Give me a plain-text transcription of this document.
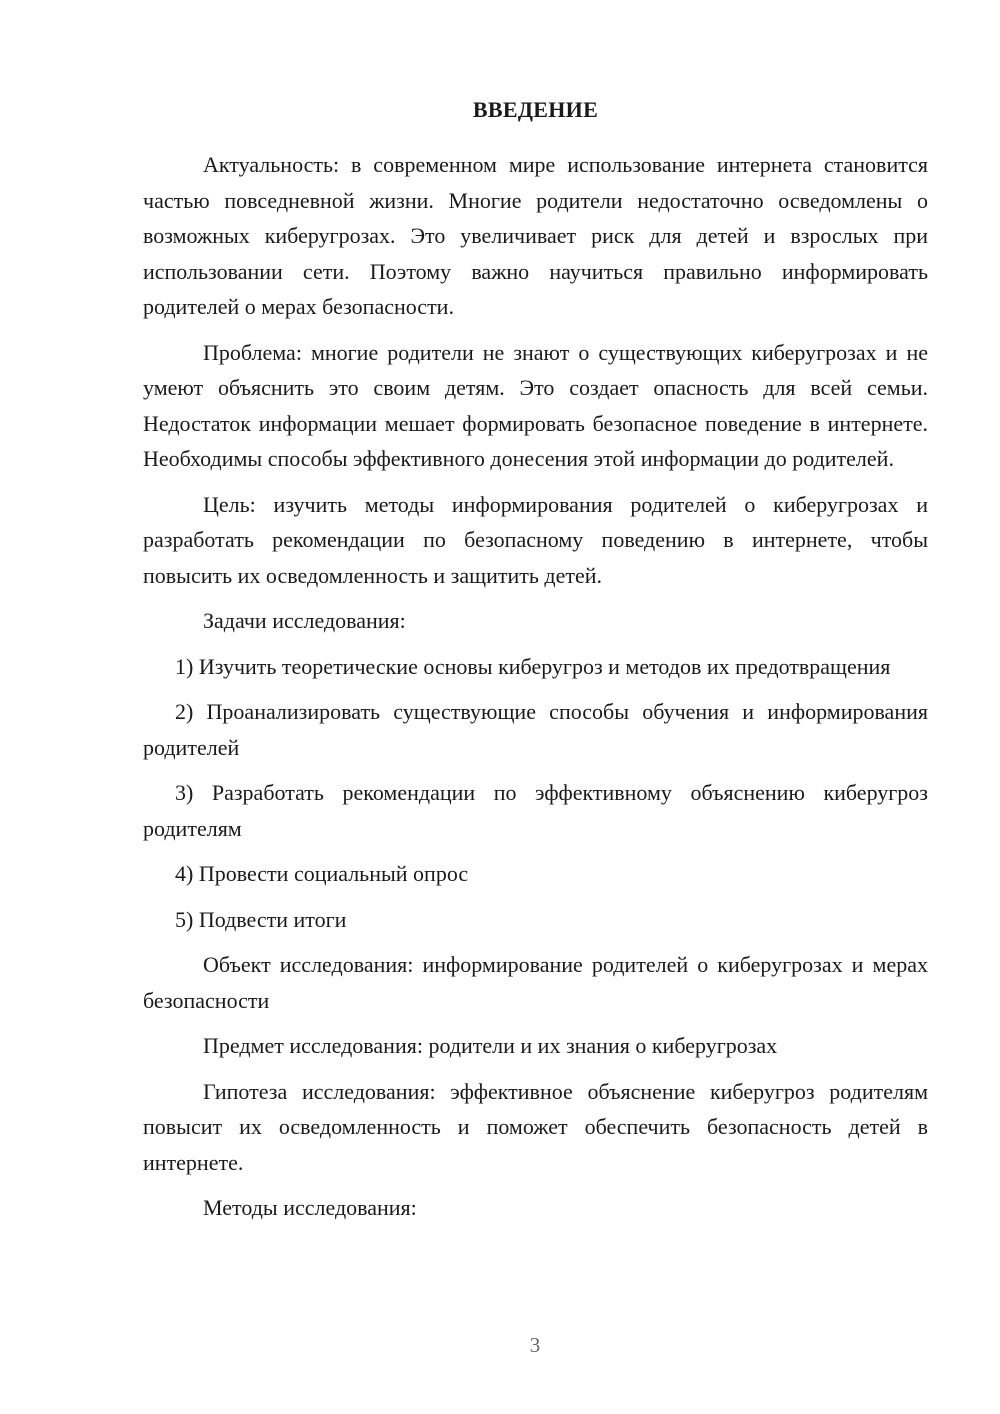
ВВЕДЕНИЕ

Актуальность: в современном мире использование интернета становится частью повседневной жизни. Многие родители недостаточно осведомлены о возможных киберугрозах. Это увеличивает риск для детей и взрослых при использовании сети. Поэтому важно научиться правильно информировать родителей о мерах безопасности.

Проблема: многие родители не знают о существующих киберугрозах и не умеют объяснить это своим детям. Это создает опасность для всей семьи. Недостаток информации мешает формировать безопасное поведение в интернете. Необходимы способы эффективного донесения этой информации до родителей.

Цель: изучить методы информирования родителей о киберугрозах и разработать рекомендации по безопасному поведению в интернете, чтобы повысить их осведомленность и защитить детей.

Задачи исследования:

1) Изучить теоретические основы киберугроз и методов их предотвращения

2) Проанализировать существующие способы обучения и информирования родителей

3) Разработать рекомендации по эффективному объяснению киберугроз родителям

4) Провести социальный опрос

5) Подвести итоги

Объект исследования: информирование родителей о киберугрозах и мерах безопасности

Предмет исследования: родители и их знания о киберугрозах

Гипотеза исследования: эффективное объяснение киберугроз родителям повысит их осведомленность и поможет обеспечить безопасность детей в интернете.

Методы исследования:

3
